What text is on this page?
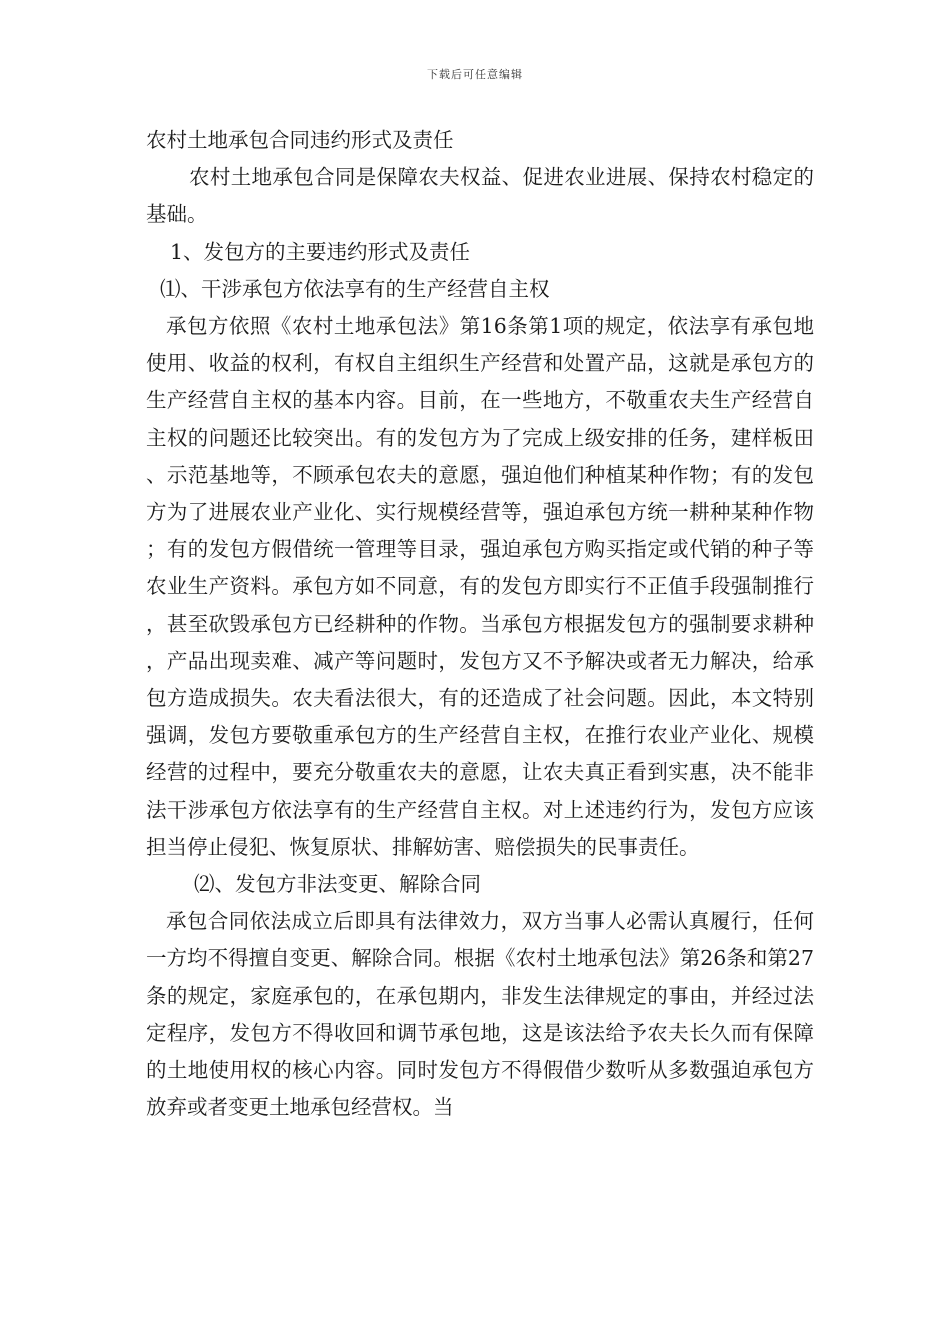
下载后可任意编辑

农村土地承包合同违约形式及责任

农村土地承包合同是保障农夫权益、促进农业进展、保持农村稳定的基础。

1、发包方的主要违约形式及责任

⑴、干涉承包方依法享有的生产经营自主权

承包方依照《农村土地承包法》第16条第1项的规定，依法享有承包地使用、收益的权利，有权自主组织生产经营和处置产品，这就是承包方的生产经营自主权的基本内容。目前，在一些地方，不敬重农夫生产经营自主权的问题还比较突出。有的发包方为了完成上级安排的任务，建样板田、示范基地等，不顾承包农夫的意愿，强迫他们种植某种作物；有的发包方为了进展农业产业化、实行规模经营等，强迫承包方统一耕种某种作物；有的发包方假借统一管理等目录，强迫承包方购买指定或代销的种子等农业生产资料。承包方如不同意，有的发包方即实行不正值手段强制推行，甚至砍毁承包方已经耕种的作物。当承包方根据发包方的强制要求耕种，产品出现卖难、减产等问题时，发包方又不予解决或者无力解决，给承包方造成损失。农夫看法很大，有的还造成了社会问题。因此，本文特别强调，发包方要敬重承包方的生产经营自主权，在推行农业产业化、规模经营的过程中，要充分敬重农夫的意愿，让农夫真正看到实惠，决不能非法干涉承包方依法享有的生产经营自主权。对上述违约行为，发包方应该担当停止侵犯、恢复原状、排解妨害、赔偿损失的民事责任。

⑵、发包方非法变更、解除合同

承包合同依法成立后即具有法律效力，双方当事人必需认真履行，任何一方均不得擅自变更、解除合同。根据《农村土地承包法》第26条和第27条的规定，家庭承包的，在承包期内，非发生法律规定的事由，并经过法定程序，发包方不得收回和调节承包地，这是该法给予农夫长久而有保障的土地使用权的核心内容。同时发包方不得假借少数听从多数强迫承包方放弃或者变更土地承包经营权。当
